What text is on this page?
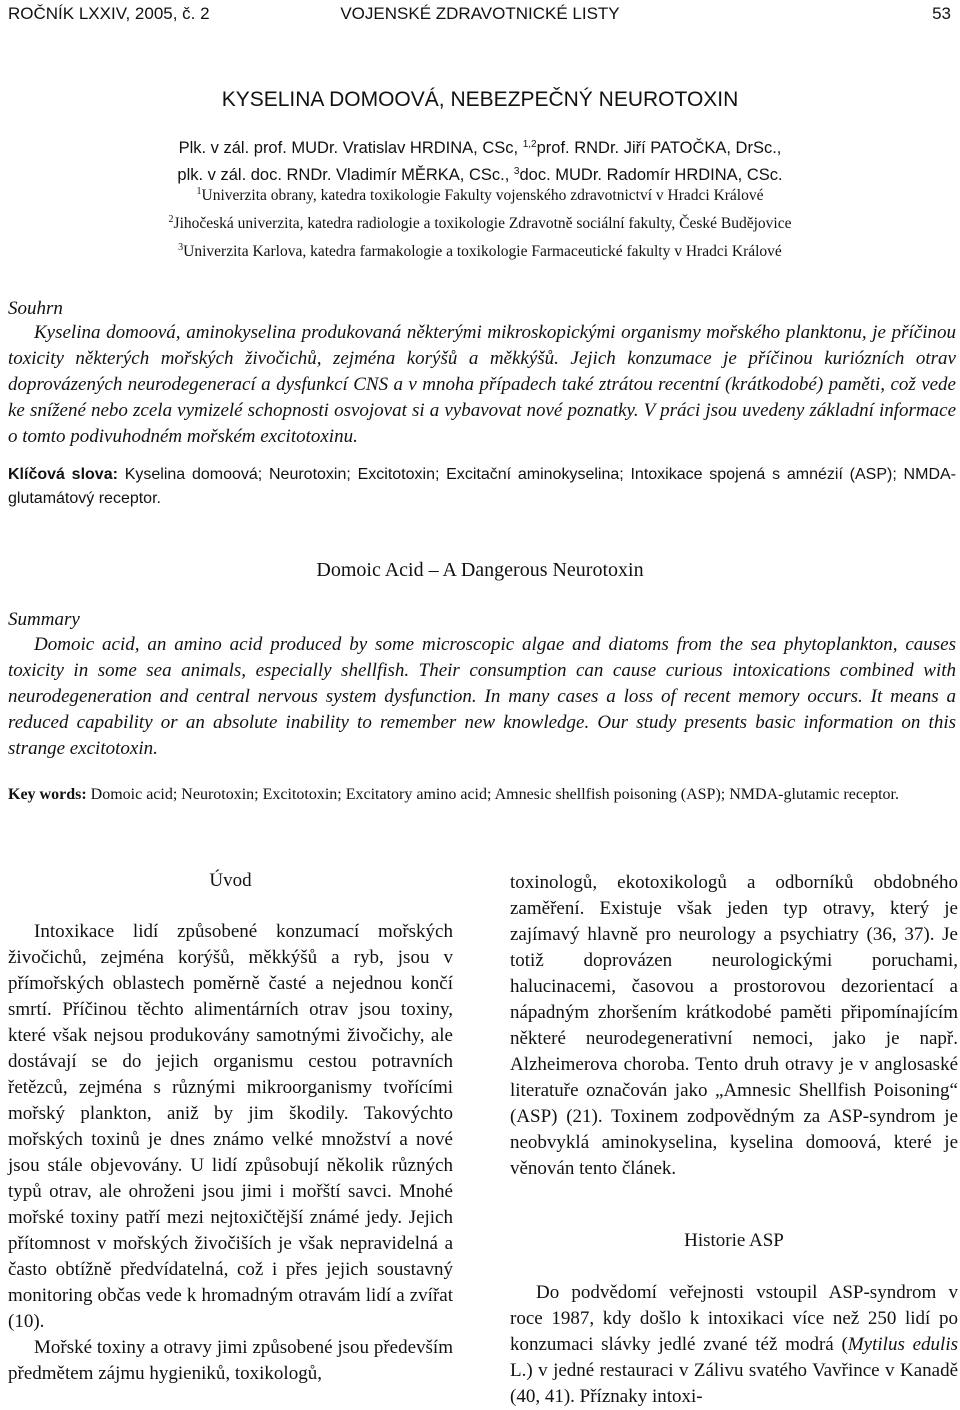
ROČNÍK LXXIV, 2005, č. 2	VOJENSKÉ ZDRAVOTNICKÉ LISTY	53
KYSELINA DOMOOVÁ, NEBEZPEČNÝ NEUROTOXIN
Plk. v zál. prof. MUDr. Vratislav HRDINA, CSc, $^{1,2}$prof. RNDr. Jiří PATOČKA, DrSc.,
plk. v zál. doc. RNDr. Vladimír MĚRKA, CSc., $^3$doc. MUDr. Radomír HRDINA, CSc.
$^1$Univerzita obrany, katedra toxikologie Fakulty vojenského zdravotnictví v Hradci Králové
$^2$Jihočeská univerzita, katedra radiologie a toxikologie Zdravotně sociální fakulty, České Budějovice
$^3$Univerzita Karlova, katedra farmakologie a toxikologie Farmaceutické fakulty v Hradci Králové
Souhrn
Kyselina domoová, aminokyselina produkovaná některými mikroskopickými organismy mořského planktonu, je příčinou toxicity některých mořských živočichů, zejména korýšů a měkkýšů. Jejich konzumace je příčinou kuriózních otrav doprovázených neurodegenerací a dysfunkcí CNS a v mnoha případech také ztrátou recentní (krátkodobé) paměti, což vede ke snížené nebo zcela vymizelé schopnosti osvojovat si a vybavovat nové poznatky. V práci jsou uvedeny základní informace o tomto podivuhodném mořském excitotoxinu.
Klíčová slova: Kyselina domoová; Neurotoxin; Excitotoxin; Excitační aminokyselina; Intoxikace spojená s amnézií (ASP); NMDA-glutamátový receptor.
Domoic Acid – A Dangerous Neurotoxin
Summary
Domoic acid, an amino acid produced by some microscopic algae and diatoms from the sea phytoplankton, causes toxicity in some sea animals, especially shellfish. Their consumption can cause curious intoxications combined with neurodegeneration and central nervous system dysfunction. In many cases a loss of recent memory occurs. It means a reduced capability or an absolute inability to remember new knowledge. Our study presents basic information on this strange excitotoxin.
Key words: Domoic acid; Neurotoxin; Excitotoxin; Excitatory amino acid; Amnesic shellfish poisoning (ASP); NMDA-glutamic receptor.
Úvod

Intoxikace lidí způsobené konzumací mořských živočichů, zejména korýšů, měkkýšů a ryb, jsou v přímořských oblastech poměrně časté a nejednou končí smrtí. Příčinou těchto alimentárních otrav jsou toxiny, které však nejsou produkovány samotnými živočichy, ale dostávají se do jejich organismu cestou potravních řetězců, zejména s různými mikroorganismy tvořícími mořský plankton, aniž by jim škodily. Takovýchto mořských toxinů je dnes známo velké množství a nové jsou stále objevovány. U lidí způsobují několik různých typů otrav, ale ohroženi jsou jimi i mořští savci. Mnohé mořské toxiny patří mezi nejtoxičtější známé jedy. Jejich přítomnost v mořských živočiších je však nepravidelná a často obtížně předvídatelná, což i přes jejich soustavný monitoring občas vede k hromadným otravám lidí a zvířat (10).

Mořské toxiny a otravy jimi způsobené jsou především předmětem zájmu hygieniků, toxikologů,

toxinologů, ekotoxikologů a odborníků obdobného zaměření. Existuje však jeden typ otravy, který je zajímavý hlavně pro neurology a psychiatry (36, 37). Je totiž doprovázen neurologickými poruchami, halucinacemi, časovou a prostorovou dezorientací a nápadným zhoršením krátkodobé paměti připomínajícím některé neurodegenerativní nemoci, jako je např. Alzheimerova choroba. Tento druh otravy je v anglosaské literatuře označován jako „Amnesic Shellfish Poisoning“ (ASP) (21). Toxinem zodpovědným za ASP-syndrom je neobvyklá aminokyselina, kyselina domoová, které je věnován tento článek.

Historie ASP

Do podvědomí veřejnosti vstoupil ASP-syndrom v roce 1987, kdy došlo k intoxikaci více než 250 lidí po konzumaci slávky jedlé zvané též modrá (Mytilus edulis L.) v jedné restauraci v Zálivu svatého Vavřince v Kanadě (40, 41). Příznaky intoxi-
